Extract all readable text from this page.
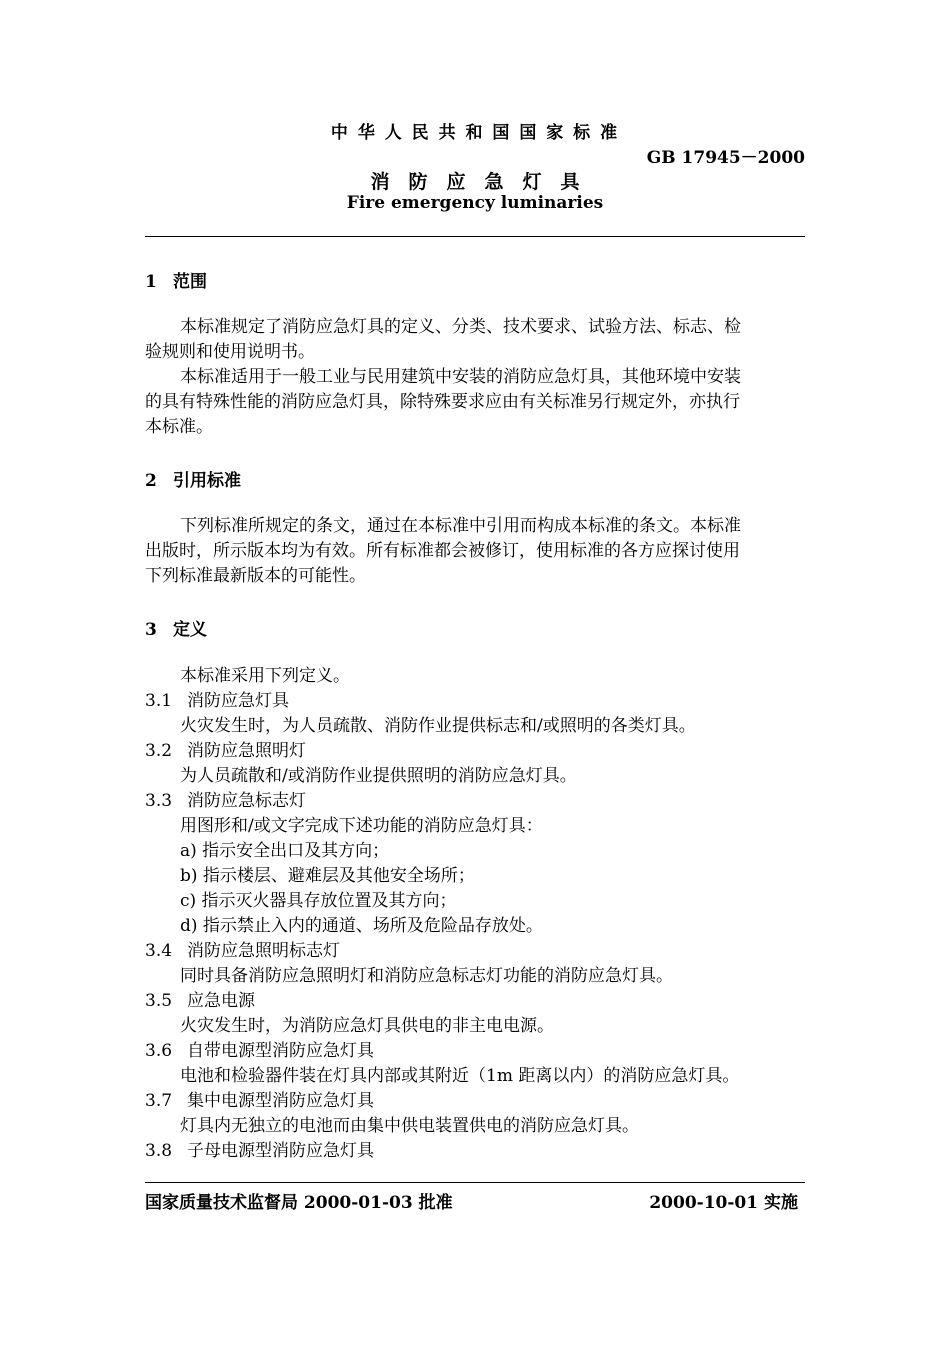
中 华 人 民 共 和 国 国 家 标 准
GB 17945－2000
消　防　应　急　灯　具
Fire emergency luminaries
1 范围
本标准规定了消防应急灯具的定义、分类、技术要求、试验方法、标志、检
验规则和使用说明书。
本标准适用于一般工业与民用建筑中安装的消防应急灯具，其他环境中安装
的具有特殊性能的消防应急灯具，除特殊要求应由有关标准另行规定外，亦执行
本标准。
2 引用标准
下列标准所规定的条文，通过在本标准中引用而构成本标准的条文。本标准
出版时，所示版本均为有效。所有标准都会被修订，使用标准的各方应探讨使用
下列标准最新版本的可能性。
3 定义
本标准采用下列定义。
3.1 消防应急灯具
火灾发生时，为人员疏散、消防作业提供标志和/或照明的各类灯具。
3.2 消防应急照明灯
为人员疏散和/或消防作业提供照明的消防应急灯具。
3.3 消防应急标志灯
用图形和/或文字完成下述功能的消防应急灯具：
a) 指示安全出口及其方向；
b) 指示楼层、避难层及其他安全场所；
c) 指示灭火器具存放位置及其方向；
d) 指示禁止入内的通道、场所及危险品存放处。
3.4 消防应急照明标志灯
同时具备消防应急照明灯和消防应急标志灯功能的消防应急灯具。
3.5 应急电源
火灾发生时，为消防应急灯具供电的非主电电源。
3.6 自带电源型消防应急灯具
电池和检验器件装在灯具内部或其附近（1m 距离以内）的消防应急灯具。
3.7 集中电源型消防应急灯具
灯具内无独立的电池而由集中供电装置供电的消防应急灯具。
3.8 子母电源型消防应急灯具
国家质量技术监督局 2000-01-03 批准	2000-10-01 实施
